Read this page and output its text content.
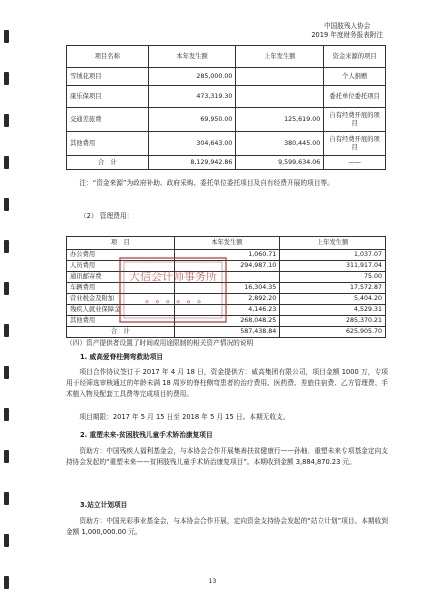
中国肢残人协会
2019 年度财务报表附注
项目名称	本年发生额	上年发生额	资金来源的项目
雪绒花项目	285,000.00		个人捐赠
康乐保项目	473,319.30		委托单位委托项目
交通差旅费	69,950.00	125,619.00	自有经费开展的项目
其他费用	304,643.00	380,445.00	自有经费开展的项目
合　计	8,129,942.86	9,599,634.06	——
注：“资金来源”为政府补助、政府采购、委托单位委托项目及自有经费开展的项目等。
（2） 管理费用：
项　目	本年发生额	上年发生额
办公费用	1,060.71	1,037.07
人员费用	294,987.10	311,917.04
通讯邮寄费		75.00
车辆费用	16,304.35	17,572.87
营业税金及附加	2,892.20	5,404.20
残疾人就业保障金	4,146.23	4,529.31
其他费用	268,048.25	285,370.21
合　计	587,438.84	625,905.70
大信会计师事务所
⚬ ⚬ ⚬ ⚬ ⚬ ⚬
（四）资产提供者设置了时间或用途限制的相关资产情况的说明
1. 威高爱脊柱侧弯救助项目
项目合作协议签订于 2017 年 4 月 18 日，资金提供方：威高集团有限公司，项目金额 1000 万，专项用于经筛选审核通过的年龄未满 18 周岁的脊柱侧弯患者的治疗费用、医药费、差旅住宿费、乙方管理费、手术植入物及配套工具费等完成项目的费用。
项目期限：2017 年 5 月 15 日至 2018 年 5 月 15 日。本期无收支。
2. 重塑未来-贫困肢残儿童手术矫治康复项目
资助方：中国残疾人福利基金会，与本协会合作开展集善扶贫健康行——孙柚．重塑未来专项基金定向支持协会发起的“重塑未来——贫困肢残儿童手术矫治康复项目”。本期收到金额 3,884,870.23 元。
3.站立计划项目
资助方：中国光彩事业基金会，与本协会合作开展，定向资金支持协会发起的“站立计划”项目。本期收到金额 1,000,000.00 元。
13
